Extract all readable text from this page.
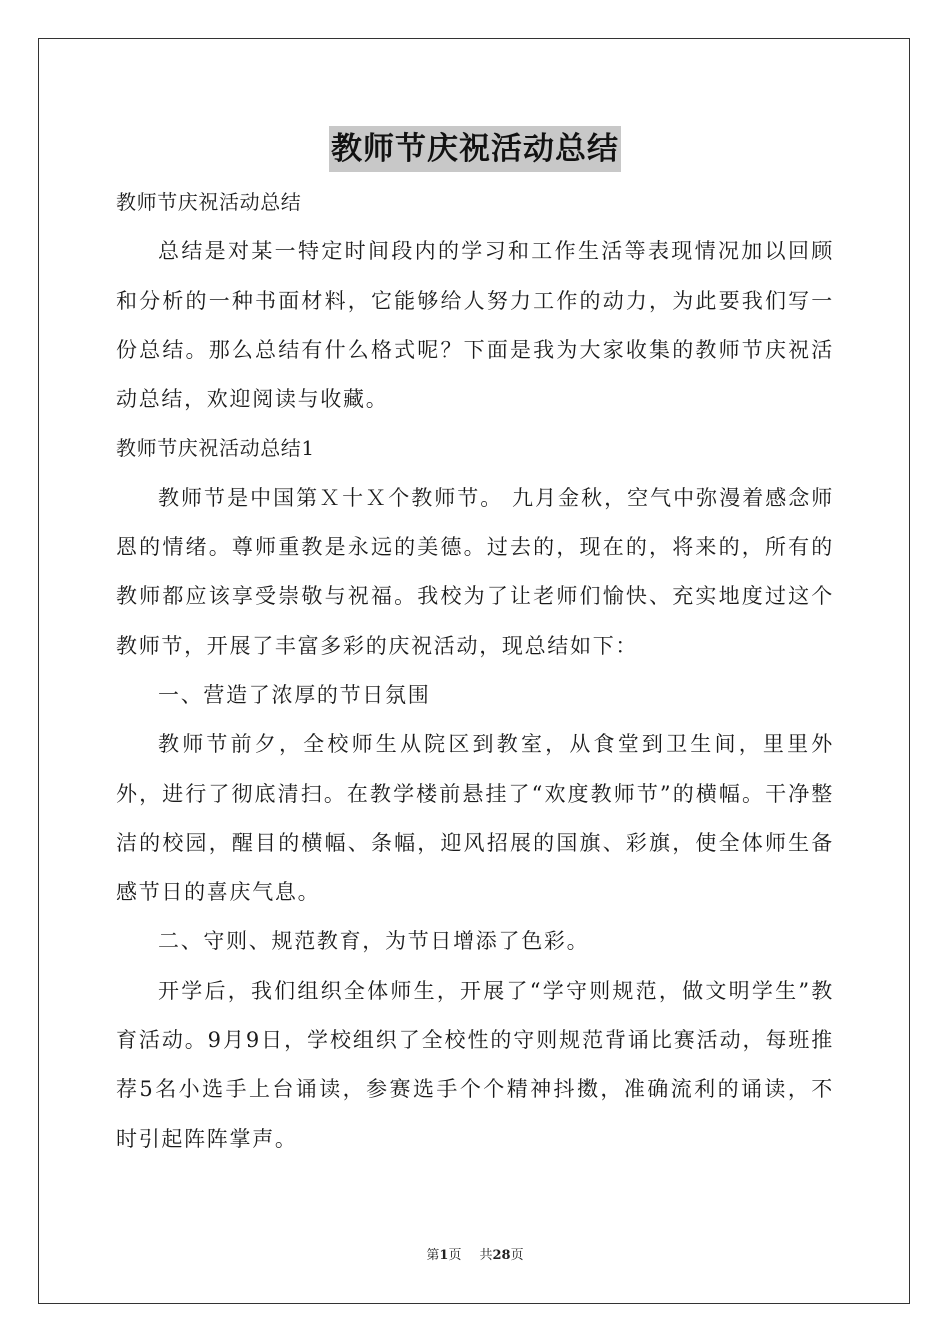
教师节庆祝活动总结

教师节庆祝活动总结

总结是对某一特定时间段内的学习和工作生活等表现情况加以回顾和分析的一种书面材料，它能够给人努力工作的动力，为此要我们写一份总结。那么总结有什么格式呢？下面是我为大家收集的教师节庆祝活动总结，欢迎阅读与收藏。

教师节庆祝活动总结1

教师节是中国第Ｘ十Ｘ个教师节。 九月金秋，空气中弥漫着感念师恩的情绪。尊师重教是永远的美德。过去的，现在的，将来的，所有的教师都应该享受崇敬与祝福。我校为了让老师们愉快、充实地度过这个教师节，开展了丰富多彩的庆祝活动，现总结如下：

一、营造了浓厚的节日氛围

教师节前夕，全校师生从院区到教室，从食堂到卫生间，里里外外，进行了彻底清扫。在教学楼前悬挂了“欢度教师节”的横幅。干净整洁的校园，醒目的横幅、条幅，迎风招展的国旗、彩旗，使全体师生备感节日的喜庆气息。

二、守则、规范教育，为节日增添了色彩。

开学后，我们组织全体师生，开展了“学守则规范，做文明学生”教育活动。9月9日，学校组织了全校性的守则规范背诵比赛活动，每班推荐5名小选手上台诵读，参赛选手个个精神抖擞，准确流利的诵读，不时引起阵阵掌声。

第1页 共28页
